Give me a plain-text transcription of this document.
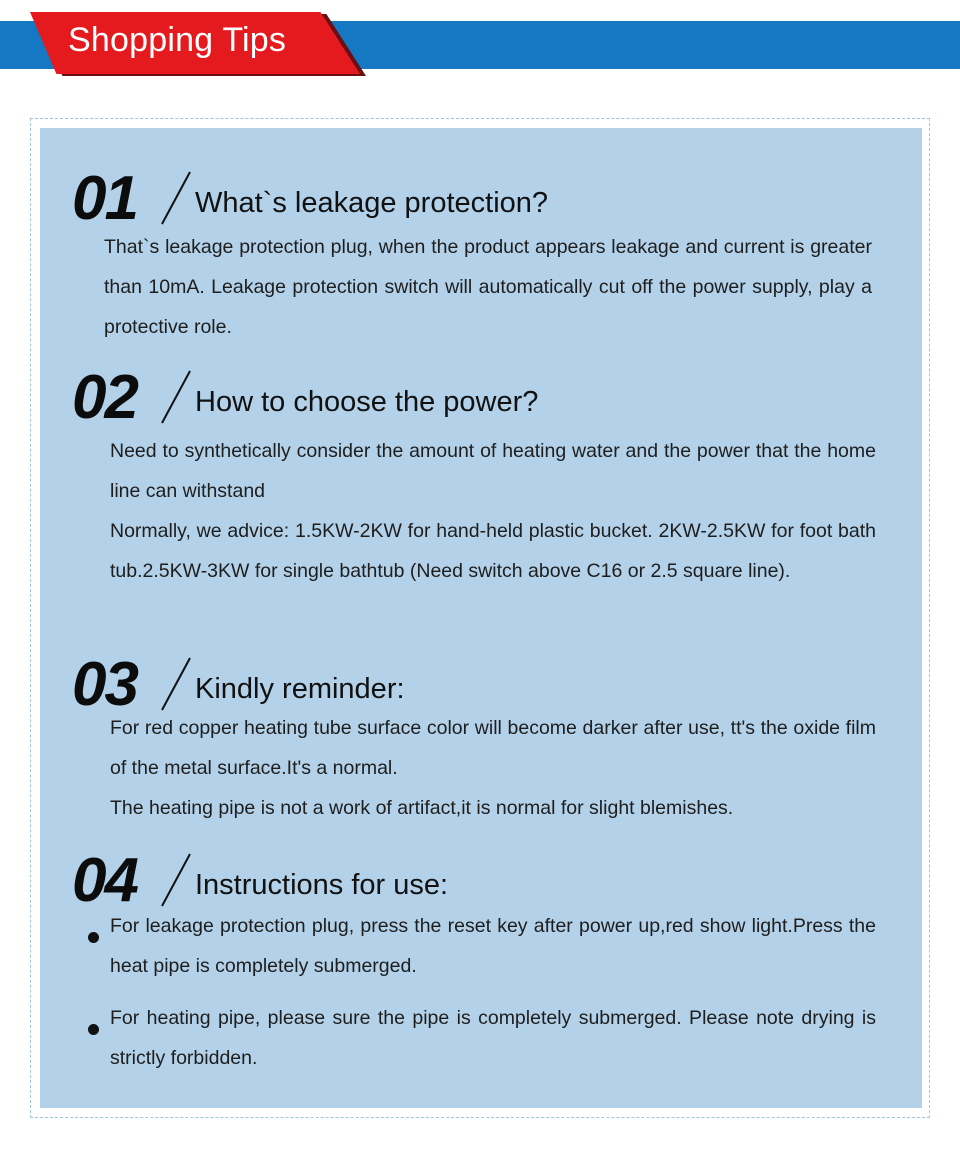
Shopping Tips
01 What`s leakage protection?

That`s leakage protection plug, when the product appears leakage and current is greater than 10mA. Leakage protection switch will automatically cut off the power supply, play a protective role.

02 How to choose the power?

Need to synthetically consider the amount of heating water and the power that the home line can withstand

Normally, we advice: 1.5KW-2KW for hand-held plastic bucket. 2KW-2.5KW for foot bath tub.2.5KW-3KW for single bathtub (Need switch above C16 or 2.5 square line).

03 Kindly reminder:

For red copper heating tube surface color will become darker after use, tt's the oxide film of the metal surface.It's a normal.

The heating pipe is not a work of artifact,it is normal for slight blemishes.

04 Instructions for use:

For leakage protection plug, press the reset key after power up,red show light.Press the heat pipe is completely submerged.

For heating pipe, please sure the pipe is completely submerged. Please note drying is strictly forbidden.
